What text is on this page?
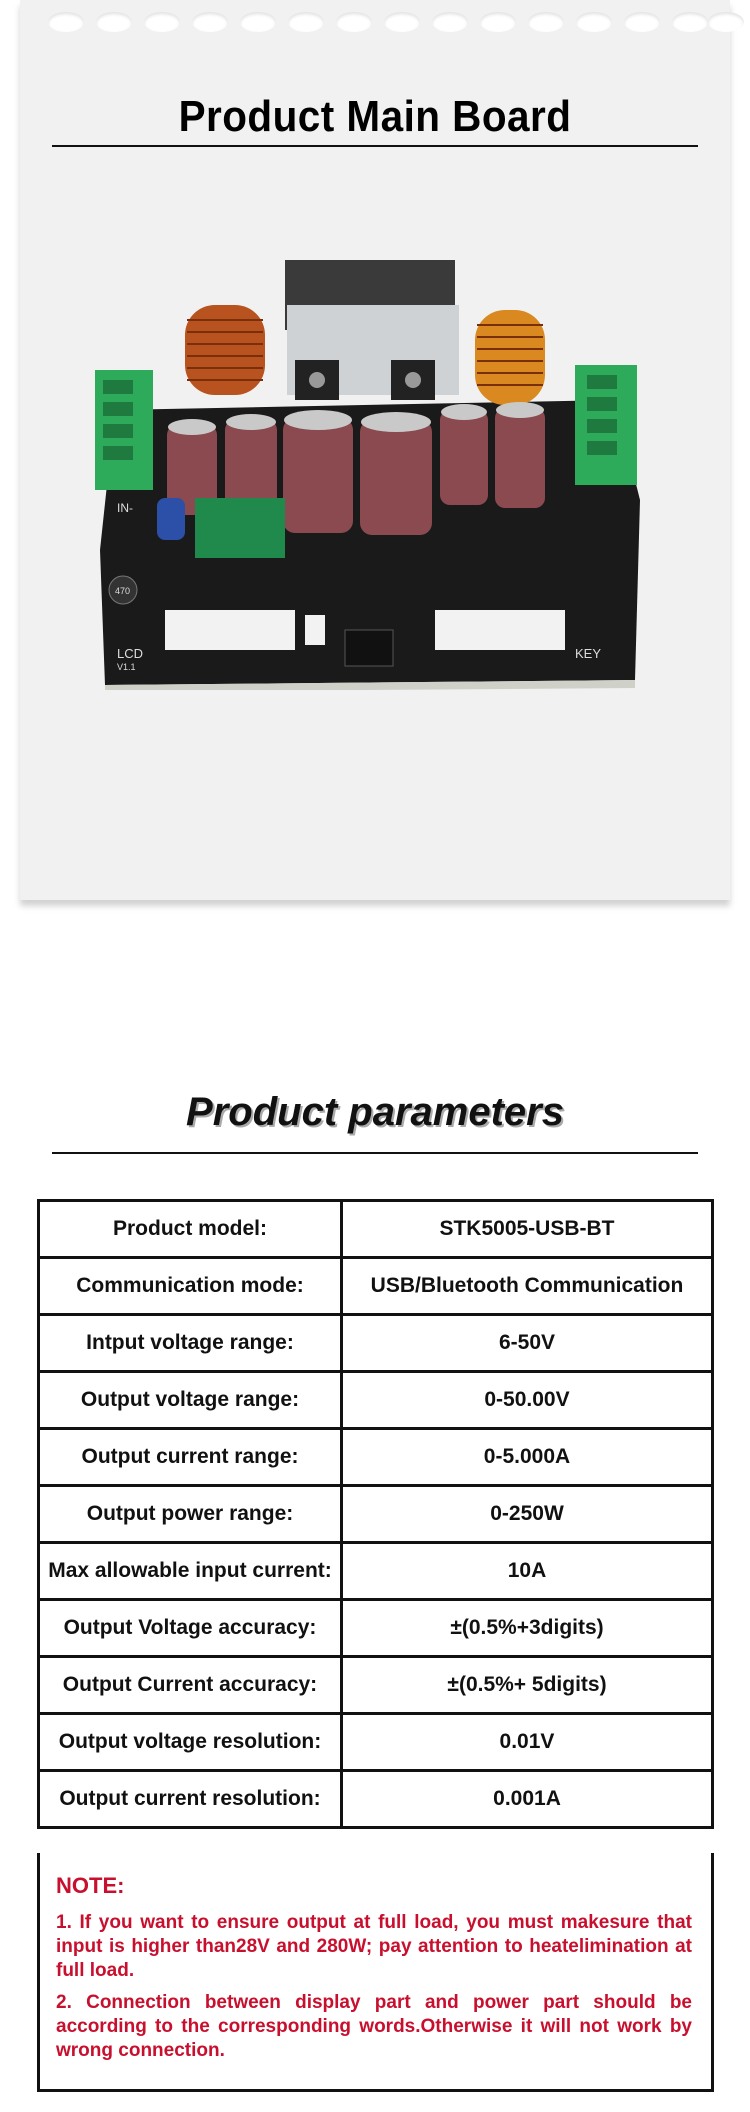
Product Main Board
IN-
LCD
V1.1
KEY
470
Product parameters
Product model:	STK5005-USB-BT
Communication mode:	USB/Bluetooth Communication
Intput voltage range:	6-50V
Output voltage range:	0-50.00V
Output current range:	0-5.000A
Output power range:	0-250W
Max allowable input current:	10A
Output Voltage accuracy:	±(0.5%+3digits)
Output Current accuracy:	±(0.5%+ 5digits)
Output voltage resolution:	0.01V
Output current resolution:	0.001A
NOTE:
1. If you want to ensure output at full load, you must makesure that input is higher than28V and 280W; pay attention to heatelimination at full load.
2. Connection between display part and power part should be according to the corresponding words.Otherwise it will not work by wrong connection.
